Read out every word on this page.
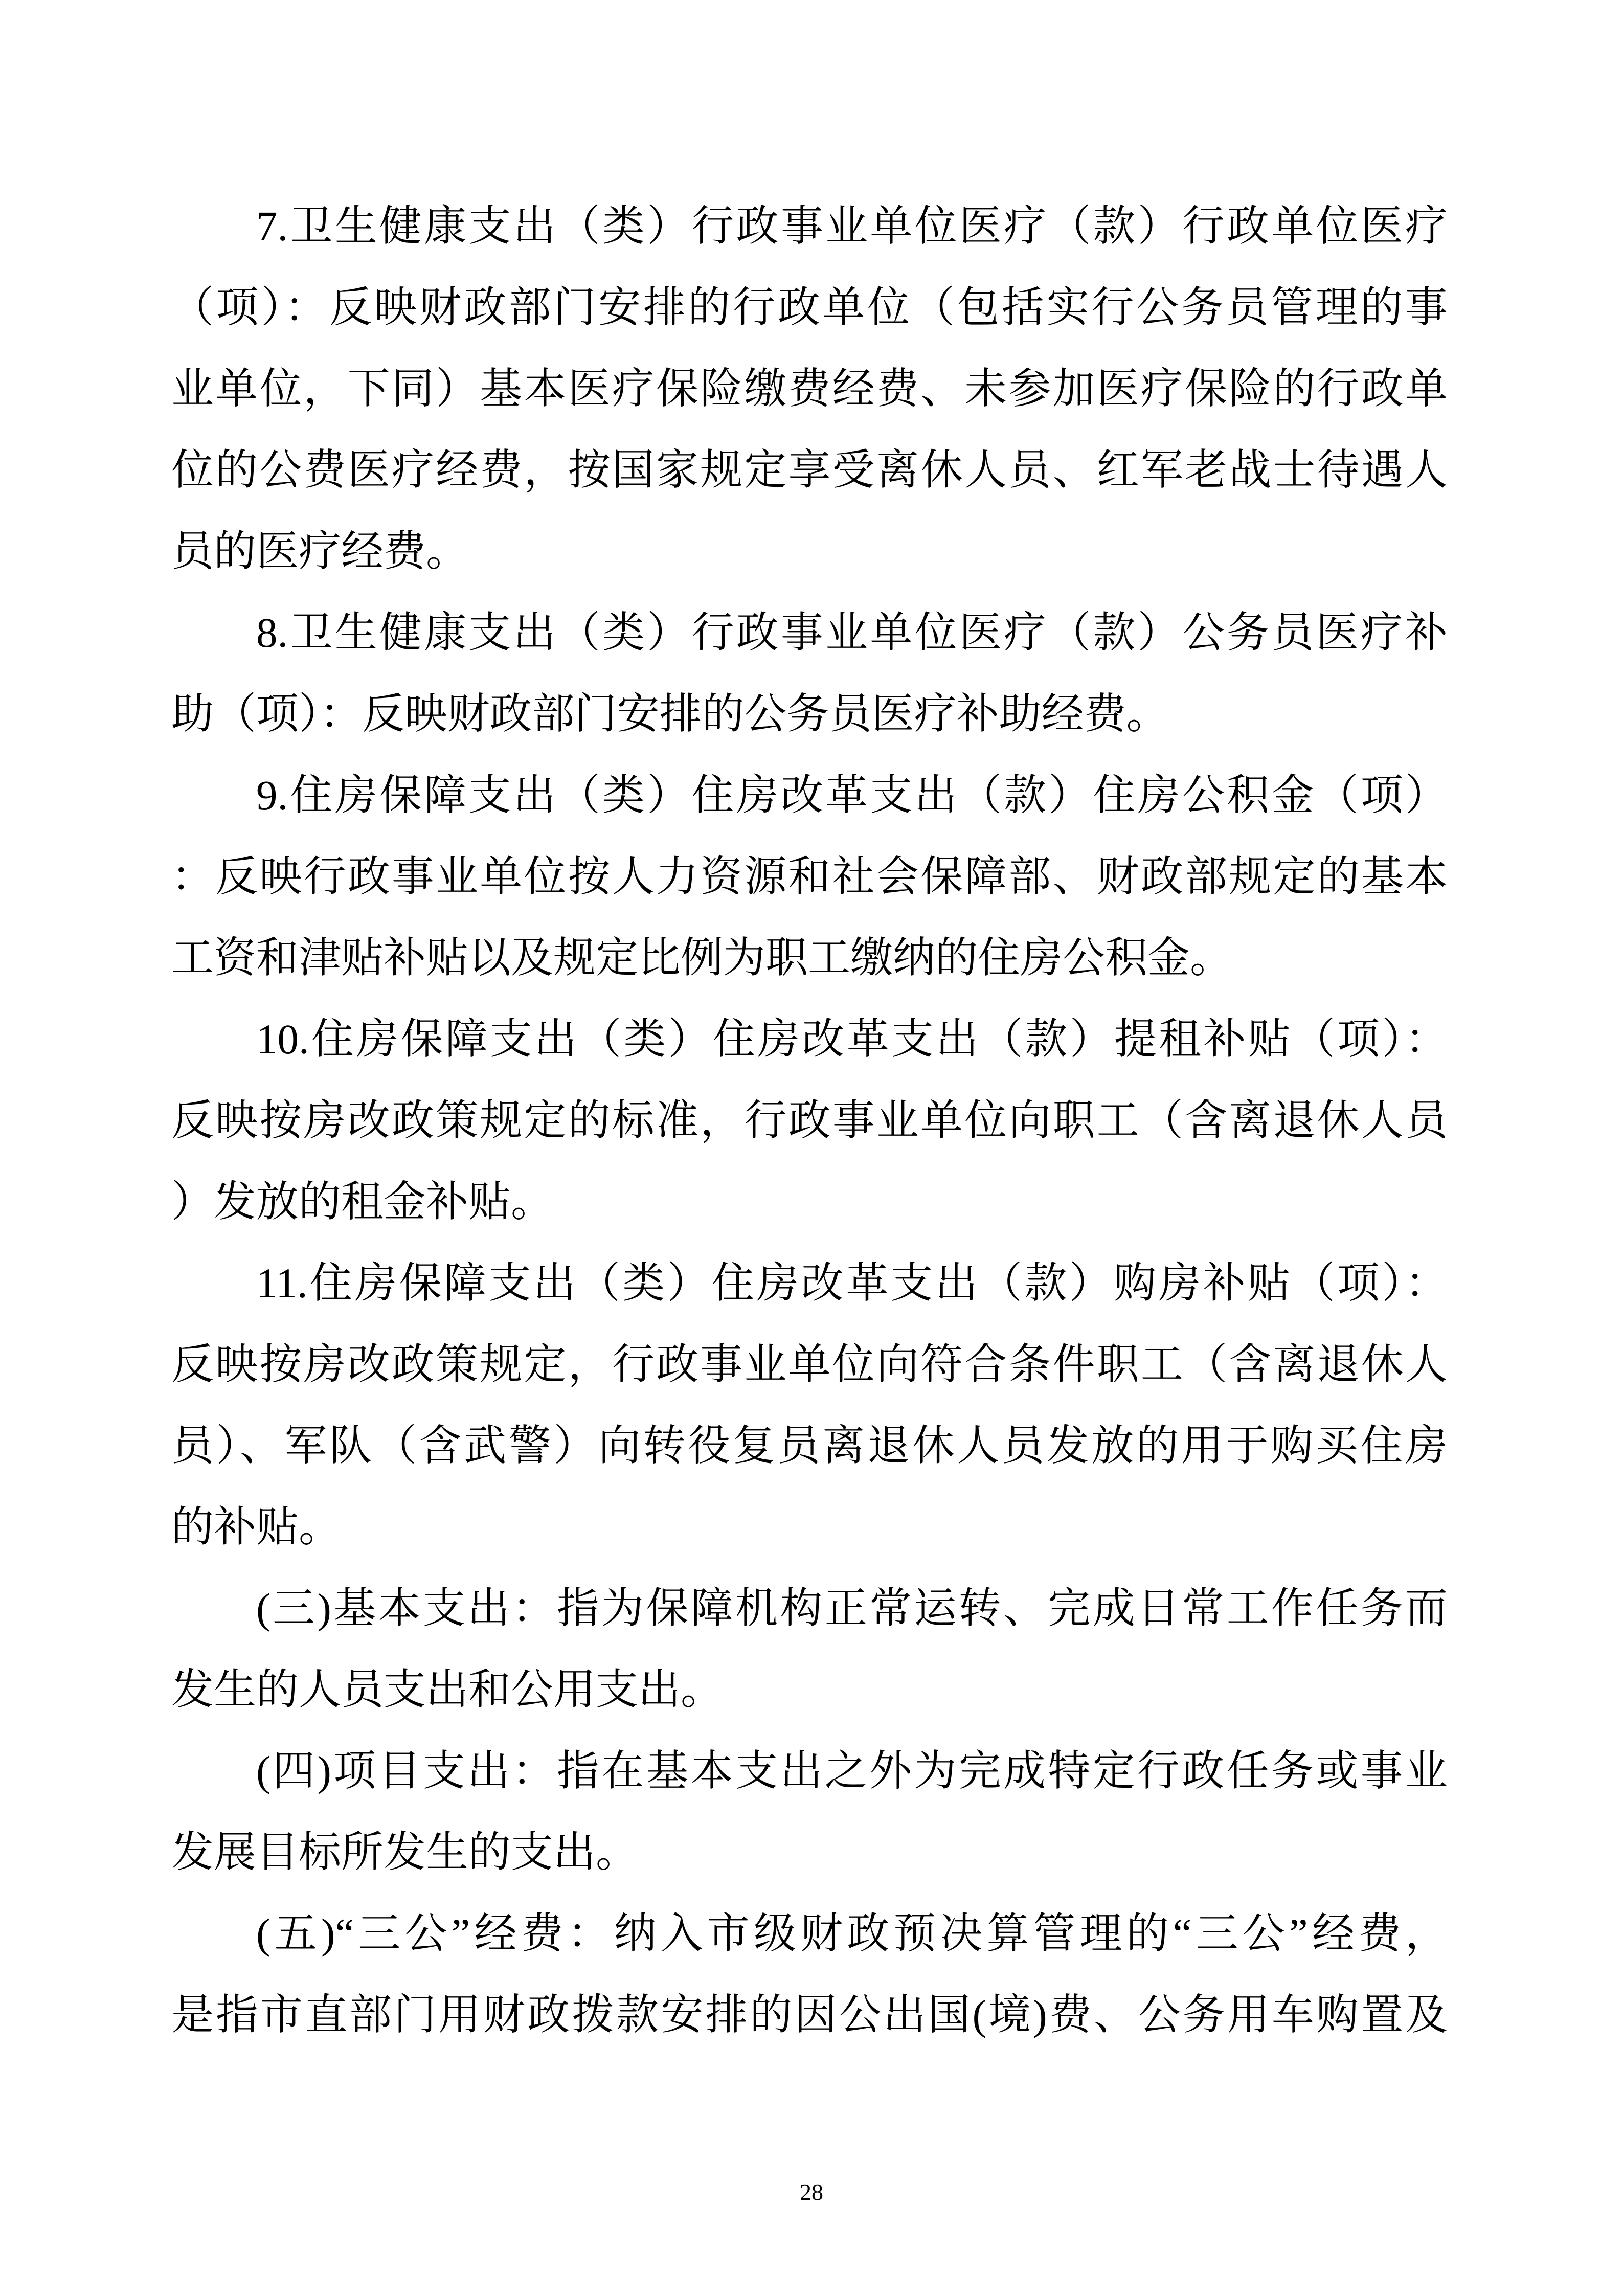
7.卫生健康支出（类）行政事业单位医疗（款）行政单位医疗

（项）：反映财政部门安排的行政单位（包括实行公务员管理的事

业单位，下同）基本医疗保险缴费经费、未参加医疗保险的行政单

位的公费医疗经费，按国家规定享受离休人员、红军老战士待遇人

员的医疗经费。

8.卫生健康支出（类）行政事业单位医疗（款）公务员医疗补

助（项）：反映财政部门安排的公务员医疗补助经费。

9.住房保障支出（类）住房改革支出（款）住房公积金（项）

：反映行政事业单位按人力资源和社会保障部、财政部规定的基本

工资和津贴补贴以及规定比例为职工缴纳的住房公积金。

10.住房保障支出（类）住房改革支出（款）提租补贴（项）：

反映按房改政策规定的标准，行政事业单位向职工（含离退休人员

）发放的租金补贴。

11.住房保障支出（类）住房改革支出（款）购房补贴（项）：

反映按房改政策规定，行政事业单位向符合条件职工（含离退休人

员）、军队（含武警）向转役复员离退休人员发放的用于购买住房

的补贴。

(三)基本支出：指为保障机构正常运转、完成日常工作任务而

发生的人员支出和公用支出。

(四)项目支出：指在基本支出之外为完成特定行政任务或事业

发展目标所发生的支出。

(五)“三公”经费：纳入市级财政预决算管理的“三公”经费，

是指市直部门用财政拨款安排的因公出国(境)费、公务用车购置及

28
